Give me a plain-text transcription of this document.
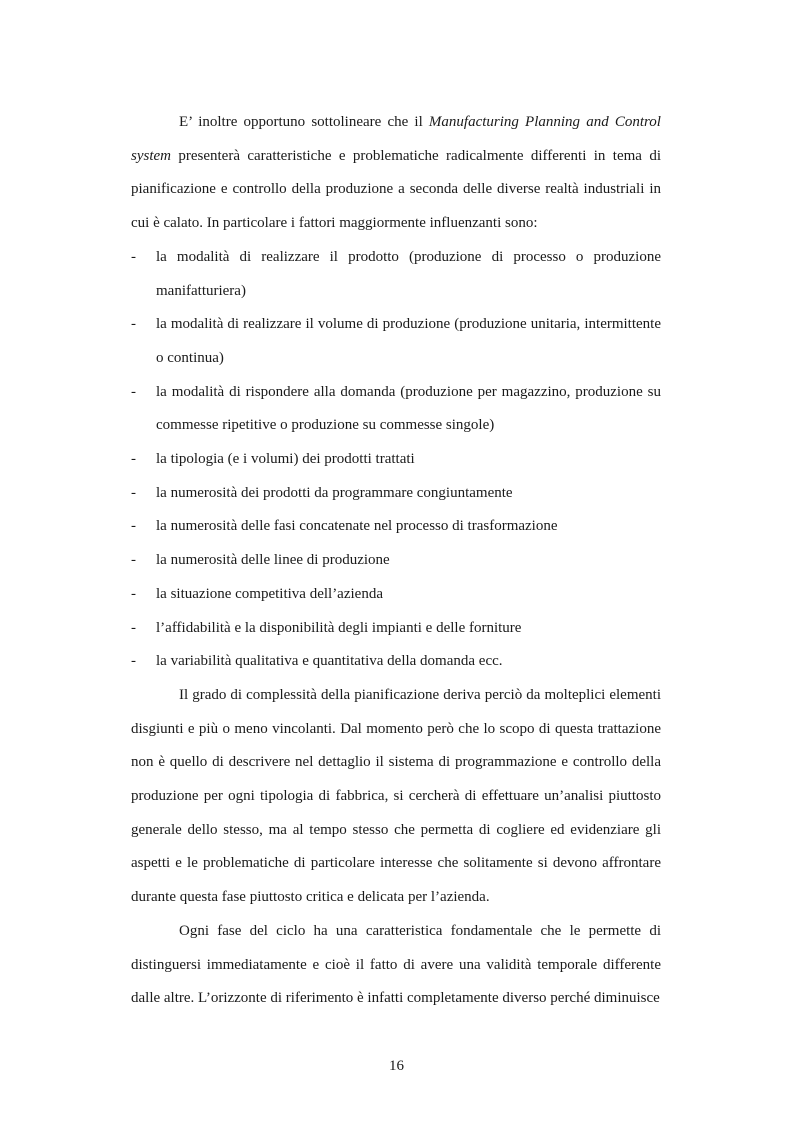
E’ inoltre opportuno sottolineare che il Manufacturing Planning and Control system presenterà caratteristiche e problematiche radicalmente differenti in tema di pianificazione e controllo della produzione a seconda delle diverse realtà industriali in cui è calato. In particolare i fattori maggiormente influenzanti sono:

- la modalità di realizzare il prodotto (produzione di processo o produzione manifatturiera)
- la modalità di realizzare il volume di produzione (produzione unitaria, intermittente o continua)
- la modalità di rispondere alla domanda (produzione per magazzino, produzione su commesse ripetitive o produzione su commesse singole)
- la tipologia (e i volumi) dei prodotti trattati
- la numerosità dei prodotti da programmare congiuntamente
- la numerosità delle fasi concatenate nel processo di trasformazione
- la numerosità delle linee di produzione
- la situazione competitiva dell’azienda
- l’affidabilità e la disponibilità degli impianti e delle forniture
- la variabilità qualitativa e quantitativa della domanda ecc.

Il grado di complessità della pianificazione deriva perciò da molteplici elementi disgiunti e più o meno vincolanti. Dal momento però che lo scopo di questa trattazione non è quello di descrivere nel dettaglio il sistema di programmazione e controllo della produzione per ogni tipologia di fabbrica, si cercherà di effettuare un’analisi piuttosto generale dello stesso, ma al tempo stesso che permetta di cogliere ed evidenziare gli aspetti e le problematiche di particolare interesse che solitamente si devono affrontare durante questa fase piuttosto critica e delicata per l’azienda.

Ogni fase del ciclo ha una caratteristica fondamentale che le permette di distinguersi immediatamente e cioè il fatto di avere una validità temporale differente dalle altre. L’orizzonte di riferimento è infatti completamente diverso perché diminuisce

16
